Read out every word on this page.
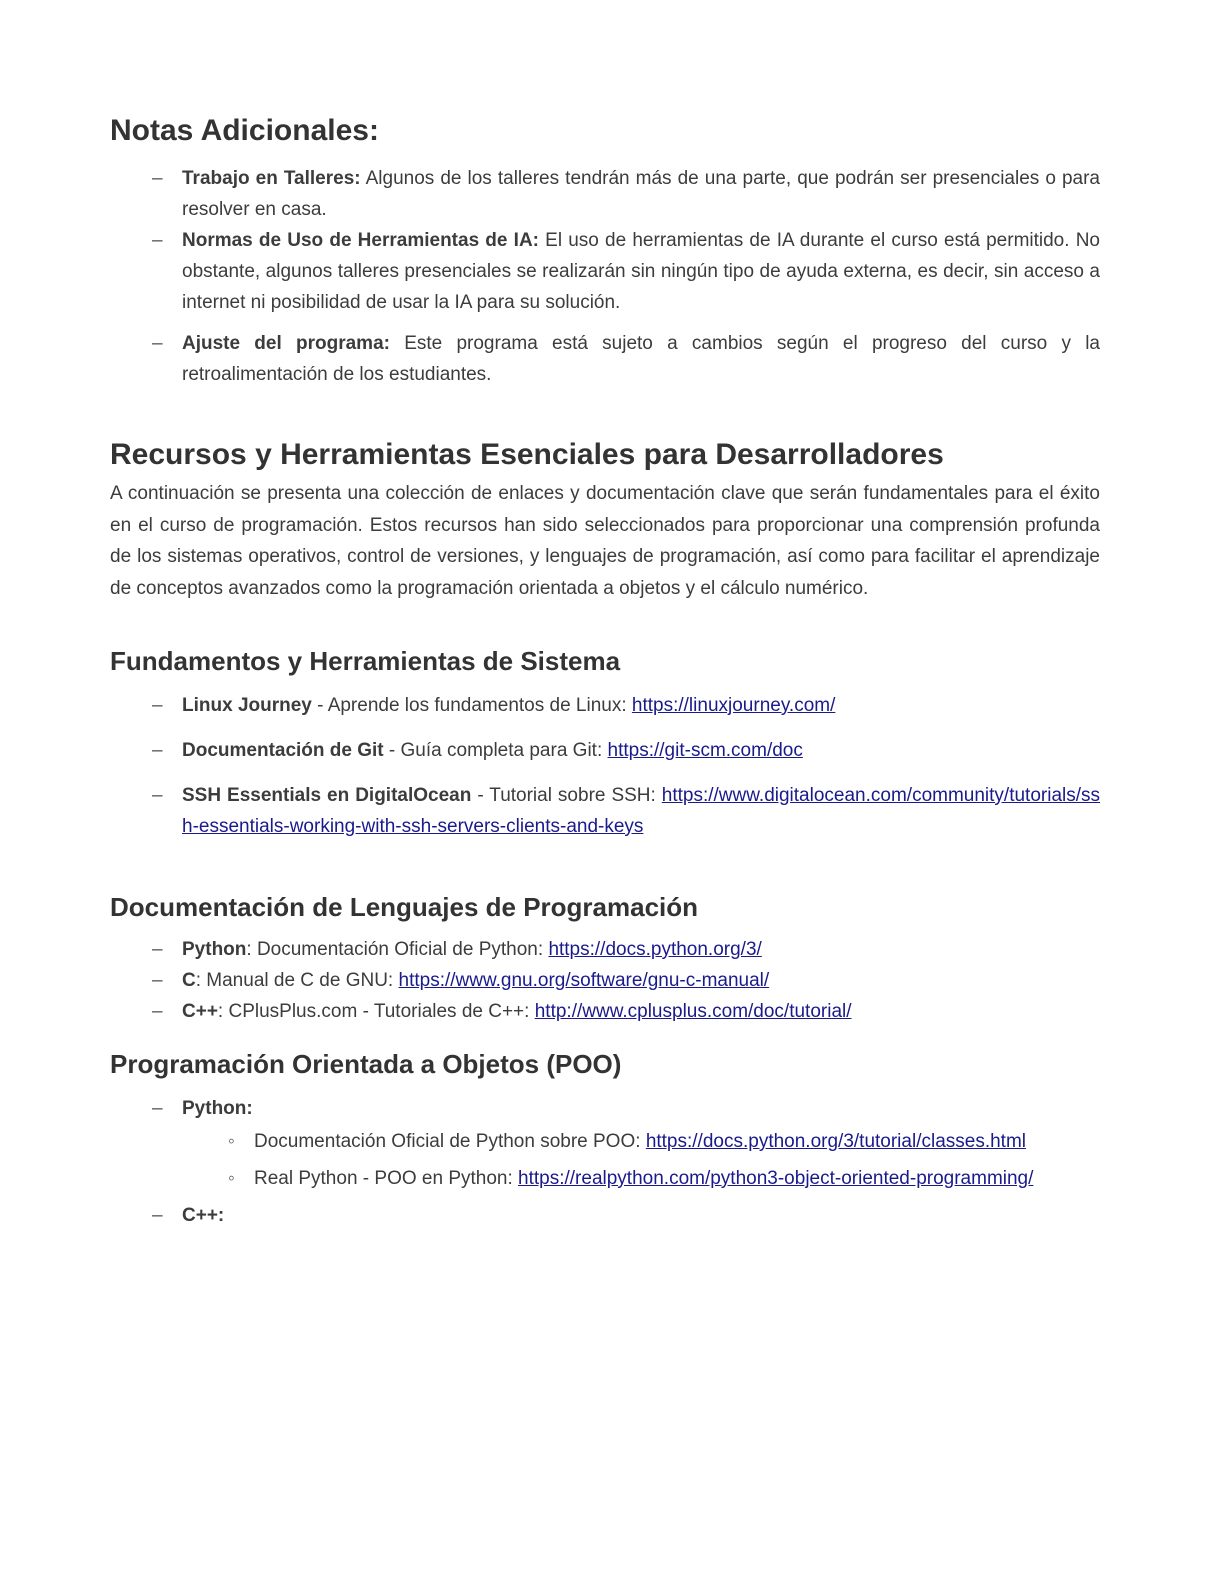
Notas Adicionales:
– Trabajo en Talleres: Algunos de los talleres tendrán más de una parte, que podrán ser presenciales o para resolver en casa.
– Normas de Uso de Herramientas de IA: El uso de herramientas de IA durante el curso está permitido. No obstante, algunos talleres presenciales se realizarán sin ningún tipo de ayuda externa, es decir, sin acceso a internet ni posibilidad de usar la IA para su solución.
– Ajuste del programa: Este programa está sujeto a cambios según el progreso del curso y la retroalimentación de los estudiantes.
Recursos y Herramientas Esenciales para Desarrolladores

A continuación se presenta una colección de enlaces y documentación clave que serán fundamentales para el éxito en el curso de programación. Estos recursos han sido seleccionados para proporcionar una comprensión profunda de los sistemas operativos, control de versiones, y lenguajes de programación, así como para facilitar el aprendizaje de conceptos avanzados como la programación orientada a objetos y el cálculo numérico.

Fundamentos y Herramientas de Sistema
– Linux Journey - Aprende los fundamentos de Linux: https://linuxjourney.com/
– Documentación de Git - Guía completa para Git: https://git-scm.com/doc
– SSH Essentials en DigitalOcean - Tutorial sobre SSH: https://www.digitalocean.com/community/tutorials/ssh-essentials-working-with-ssh-servers-clients-and-keys
Documentación de Lenguajes de Programación
– Python: Documentación Oficial de Python: https://docs.python.org/3/
– C: Manual de C de GNU: https://www.gnu.org/software/gnu-c-manual/
– C++: CPlusPlus.com - Tutoriales de C++: http://www.cplusplus.com/doc/tutorial/
Programación Orientada a Objetos (POO)
– Python:
◦ Documentación Oficial de Python sobre POO: https://docs.python.org/3/tutorial/classes.html
◦ Real Python - POO en Python: https://realpython.com/python3-object-oriented-programming/
– C++:
